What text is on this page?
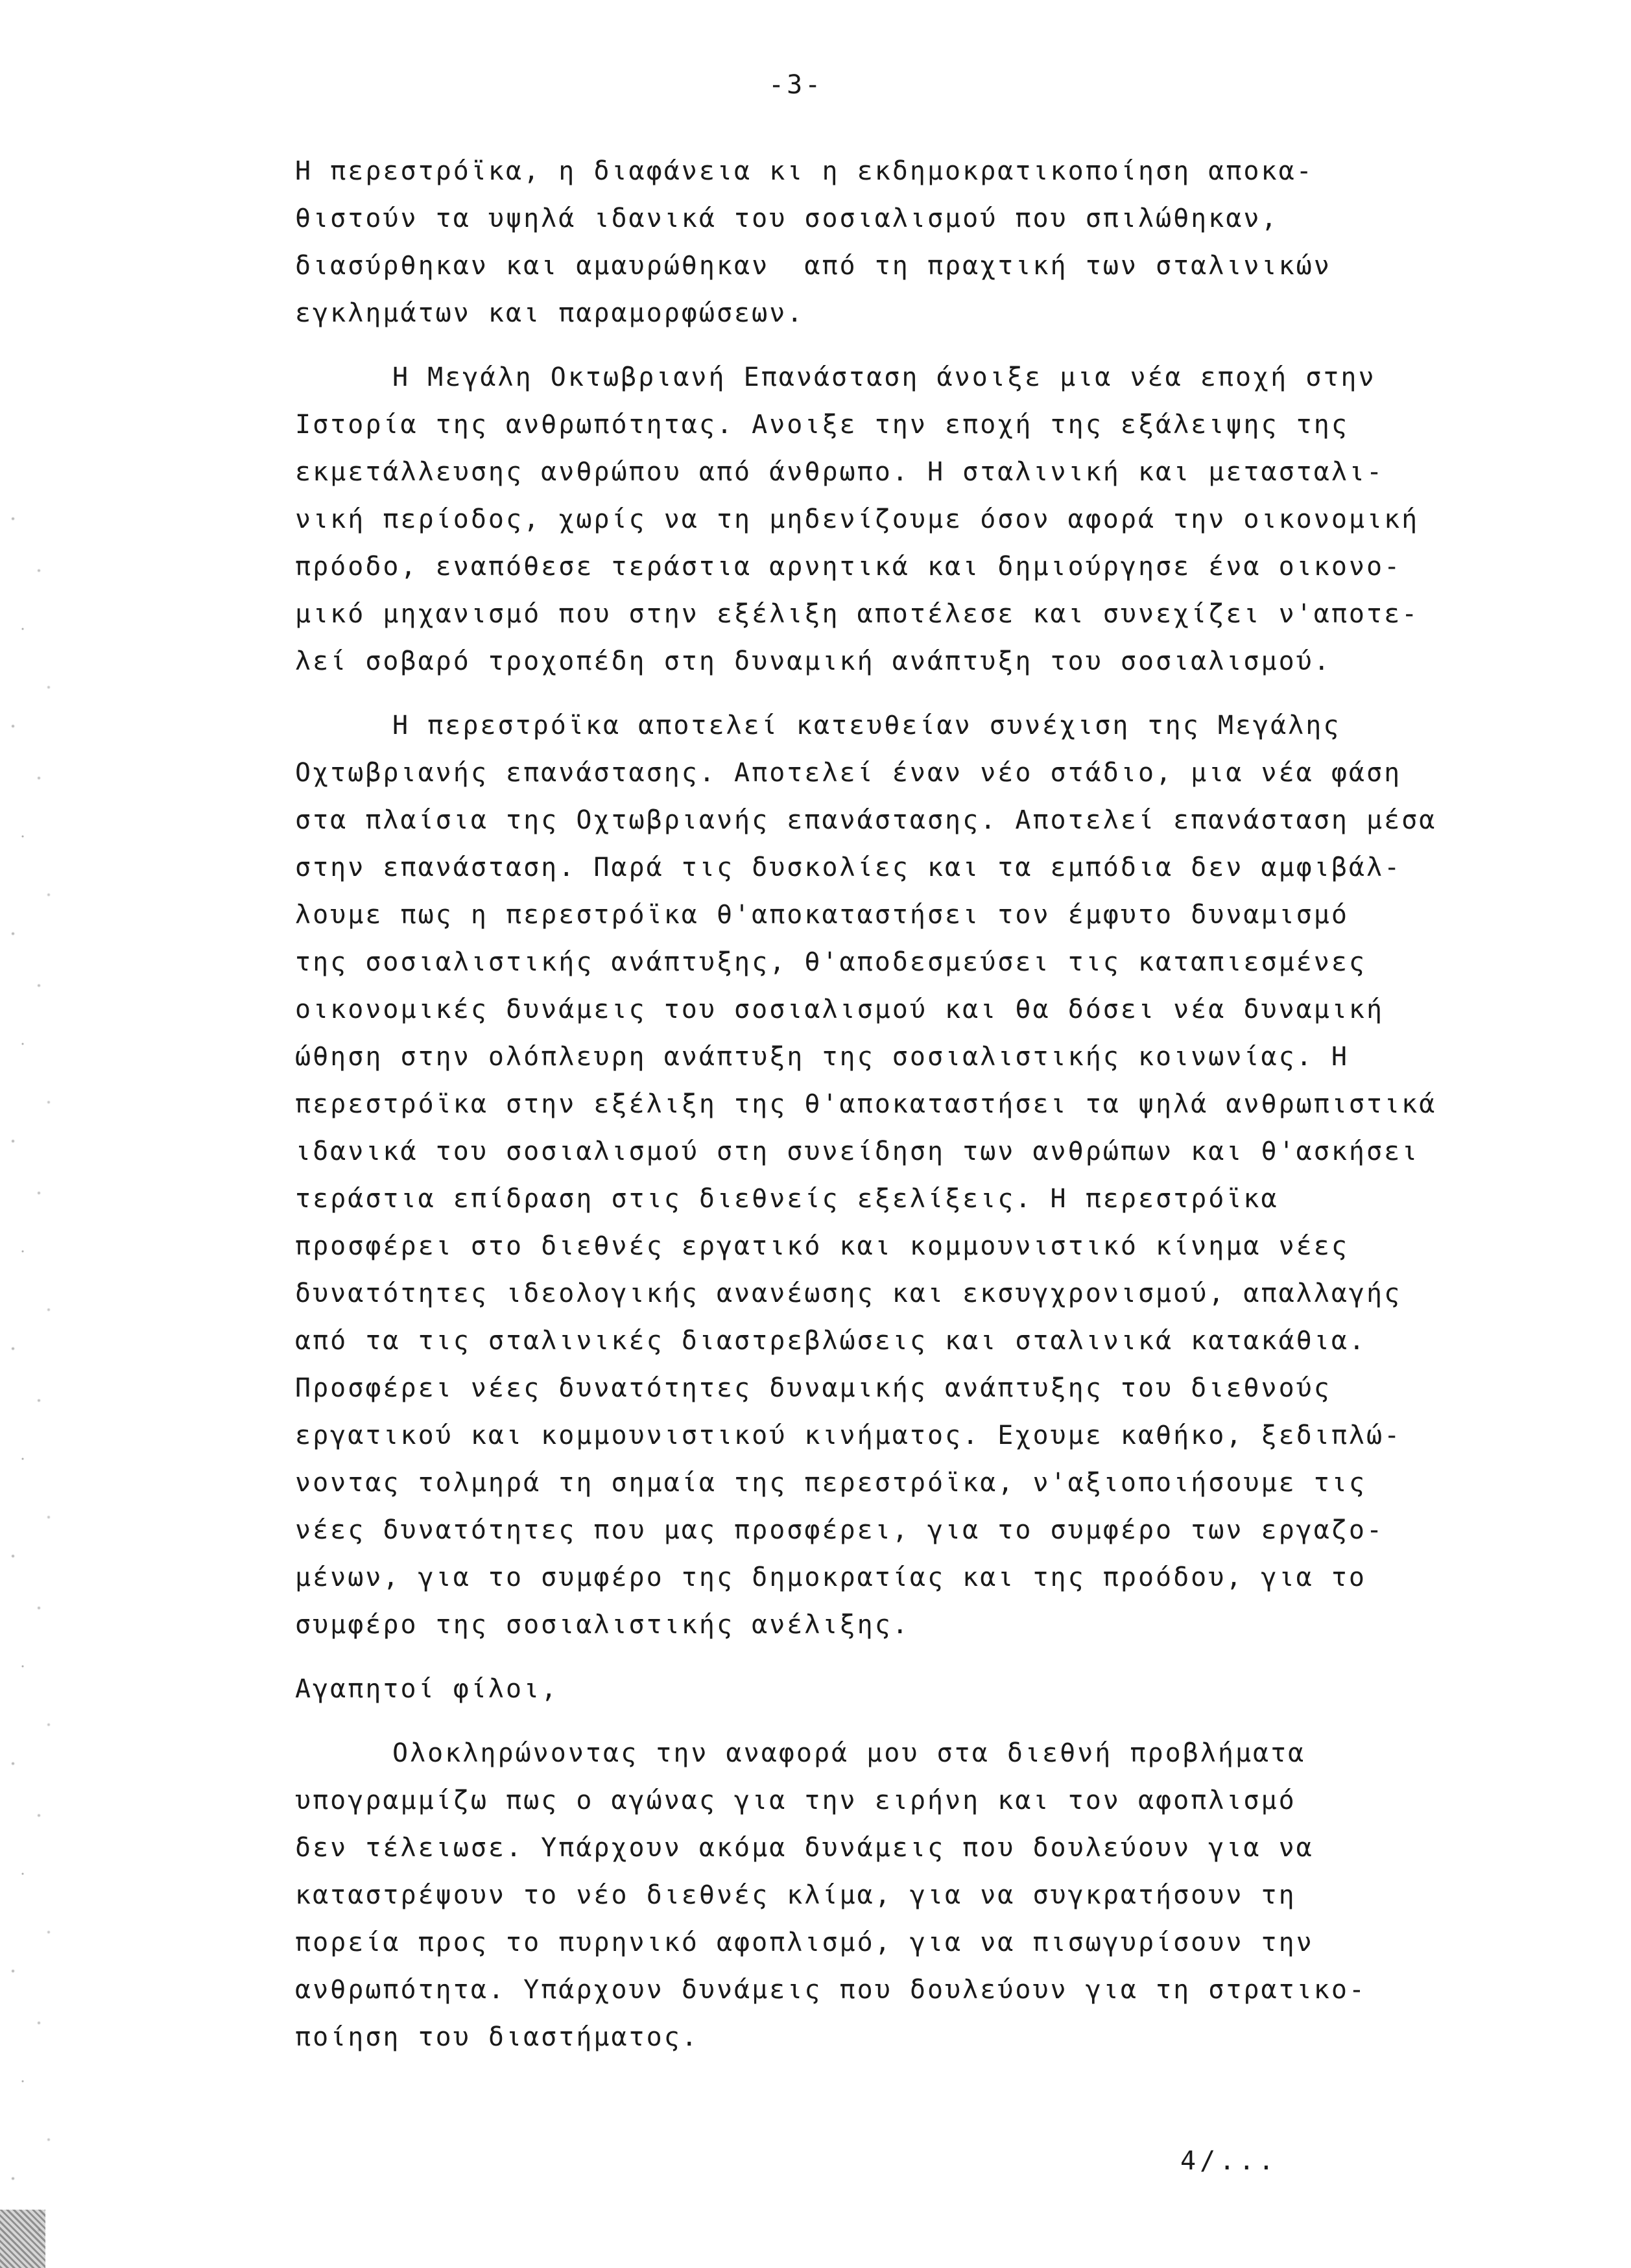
-3-
Η περεστρόϊκα, η διαφάνεια κι η εκδημοκρατικοποίηση αποκα-
θιστούν τα υψηλά ιδανικά του σοσιαλισμού που σπιλώθηκαν,
διασύρθηκαν και αμαυρώθηκαν  από τη πραχτική των σταλινικών
εγκλημάτων και παραμορφώσεων.
Η Μεγάλη Οκτωβριανή Επανάσταση άνοιξε μια νέα εποχή στην
Ιστορία της ανθρωπότητας. Ανοιξε την εποχή της εξάλειψης της
εκμετάλλευσης ανθρώπου από άνθρωπο. Η σταλινική και μετασταλι-
νική περίοδος, χωρίς να τη μηδενίζουμε όσον αφορά την οικονομική
πρόοδο, εναπόθεσε τεράστια αρνητικά και δημιούργησε ένα οικονο-
μικό μηχανισμό που στην εξέλιξη αποτέλεσε και συνεχίζει ν'αποτε-
λεί σοβαρό τροχοπέδη στη δυναμική ανάπτυξη του σοσιαλισμού.
Η περεστρόϊκα αποτελεί κατευθείαν συνέχιση της Μεγάλης
Οχτωβριανής επανάστασης. Αποτελεί έναν νέο στάδιο, μια νέα φάση
στα πλαίσια της Οχτωβριανής επανάστασης. Αποτελεί επανάσταση μέσα
στην επανάσταση. Παρά τις δυσκολίες και τα εμπόδια δεν αμφιβάλ-
λουμε πως η περεστρόϊκα θ'αποκαταστήσει τον έμφυτο δυναμισμό
της σοσιαλιστικής ανάπτυξης, θ'αποδεσμεύσει τις καταπιεσμένες
οικονομικές δυνάμεις του σοσιαλισμού και θα δόσει νέα δυναμική
ώθηση στην ολόπλευρη ανάπτυξη της σοσιαλιστικής κοινωνίας. Η
περεστρόϊκα στην εξέλιξη της θ'αποκαταστήσει τα ψηλά ανθρωπιστικά
ιδανικά του σοσιαλισμού στη συνείδηση των ανθρώπων και θ'ασκήσει
τεράστια επίδραση στις διεθνείς εξελίξεις. Η περεστρόϊκα
προσφέρει στο διεθνές εργατικό και κομμουνιστικό κίνημα νέες
δυνατότητες ιδεολογικής ανανέωσης και εκσυγχρονισμού, απαλλαγής
από τα τις σταλινικές διαστρεβλώσεις και σταλινικά κατακάθια.
Προσφέρει νέες δυνατότητες δυναμικής ανάπτυξης του διεθνούς
εργατικού και κομμουνιστικού κινήματος. Εχουμε καθήκο, ξεδιπλώ-
νοντας τολμηρά τη σημαία της περεστρόϊκα, ν'αξιοποιήσουμε τις
νέες δυνατότητες που μας προσφέρει, για το συμφέρο των εργαζο-
μένων, για το συμφέρο της δημοκρατίας και της προόδου, για το
συμφέρο της σοσιαλιστικής ανέλιξης.
Αγαπητοί φίλοι,
Ολοκληρώνοντας την αναφορά μου στα διεθνή προβλήματα
υπογραμμίζω πως ο αγώνας για την ειρήνη και τον αφοπλισμό
δεν τέλειωσε. Υπάρχουν ακόμα δυνάμεις που δουλεύουν για να
καταστρέψουν το νέο διεθνές κλίμα, για να συγκρατήσουν τη
πορεία προς το πυρηνικό αφοπλισμό, για να πισωγυρίσουν την
ανθρωπότητα. Υπάρχουν δυνάμεις που δουλεύουν για τη στρατικο-
ποίηση του διαστήματος.
4/...
